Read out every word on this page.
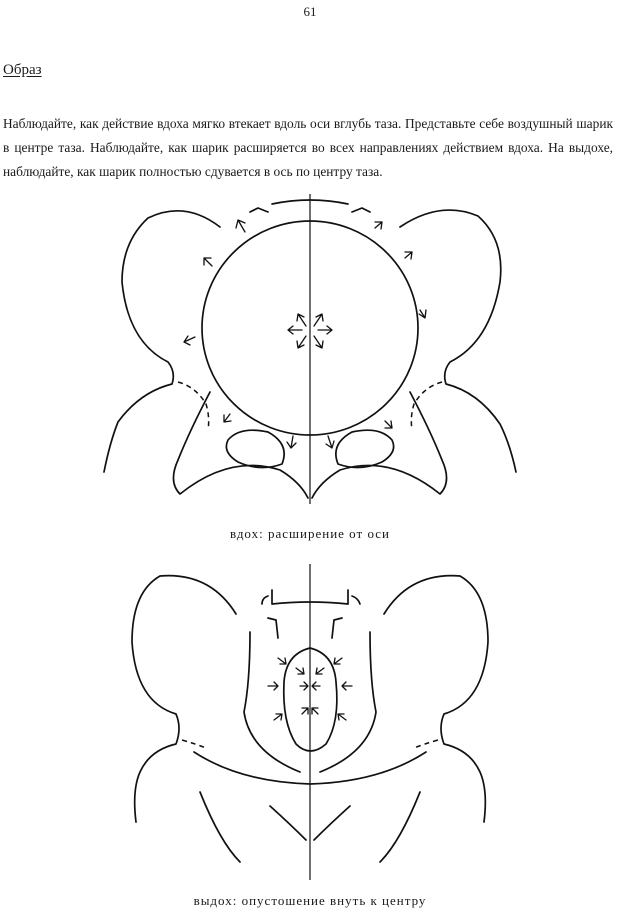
61
Образ

Наблюдайте, как действие вдоха мягко втекает вдоль оси вглубь таза. Представьте себе воздушный шарик в центре таза. Наблюдайте, как шарик расширяется во всех направлениях действием вдоха. На выдохе, наблюдайте, как шарик полностью сдувается в ось по центру таза.

вдох: расширение от оси
выдох: опустошение внуть к центру
